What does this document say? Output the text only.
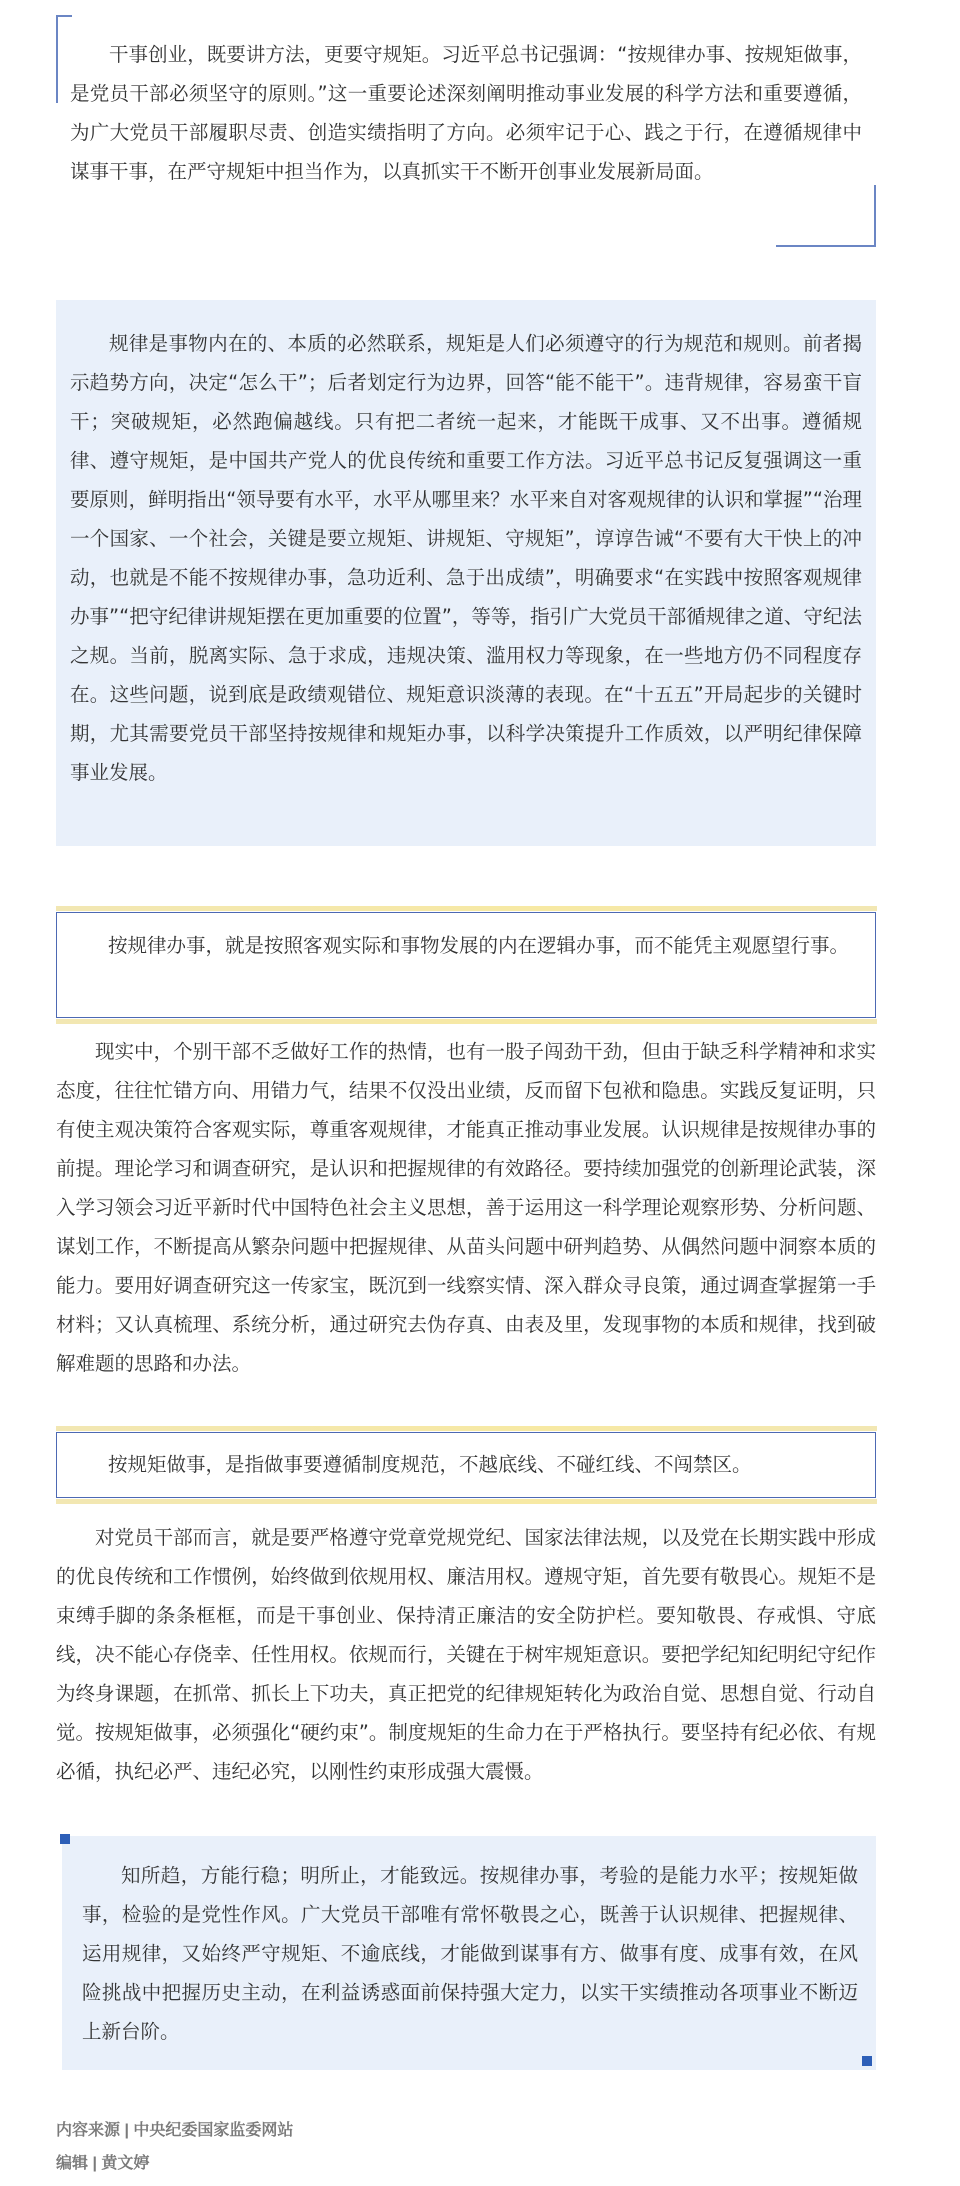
干事创业，既要讲方法，更要守规矩。习近平总书记强调：“按规律办事、按规矩做事，是党员干部必须坚守的原则。”这一重要论述深刻阐明推动事业发展的科学方法和重要遵循，为广大党员干部履职尽责、创造实绩指明了方向。必须牢记于心、践之于行，在遵循规律中谋事干事，在严守规矩中担当作为，以真抓实干不断开创事业发展新局面。

规律是事物内在的、本质的必然联系，规矩是人们必须遵守的行为规范和规则。前者揭示趋势方向，决定“怎么干”；后者划定行为边界，回答“能不能干”。违背规律，容易蛮干盲干；突破规矩，必然跑偏越线。只有把二者统一起来，才能既干成事、又不出事。遵循规律、遵守规矩，是中国共产党人的优良传统和重要工作方法。习近平总书记反复强调这一重要原则，鲜明指出“领导要有水平，水平从哪里来？水平来自对客观规律的认识和掌握”“治理一个国家、一个社会，关键是要立规矩、讲规矩、守规矩”，谆谆告诫“不要有大干快上的冲动，也就是不能不按规律办事，急功近利、急于出成绩”，明确要求“在实践中按照客观规律办事”“把守纪律讲规矩摆在更加重要的位置”，等等，指引广大党员干部循规律之道、守纪法之规。当前，脱离实际、急于求成，违规决策、滥用权力等现象，在一些地方仍不同程度存在。这些问题，说到底是政绩观错位、规矩意识淡薄的表现。在“十五五”开局起步的关键时期，尤其需要党员干部坚持按规律和规矩办事，以科学决策提升工作质效，以严明纪律保障事业发展。

按规律办事，就是按照客观实际和事物发展的内在逻辑办事，而不能凭主观愿望行事。

现实中，个别干部不乏做好工作的热情，也有一股子闯劲干劲，但由于缺乏科学精神和求实态度，往往忙错方向、用错力气，结果不仅没出业绩，反而留下包袱和隐患。实践反复证明，只有使主观决策符合客观实际，尊重客观规律，才能真正推动事业发展。认识规律是按规律办事的前提。理论学习和调查研究，是认识和把握规律的有效路径。要持续加强党的创新理论武装，深入学习领会习近平新时代中国特色社会主义思想，善于运用这一科学理论观察形势、分析问题、谋划工作，不断提高从繁杂问题中把握规律、从苗头问题中研判趋势、从偶然问题中洞察本质的能力。要用好调查研究这一传家宝，既沉到一线察实情、深入群众寻良策，通过调查掌握第一手材料；又认真梳理、系统分析，通过研究去伪存真、由表及里，发现事物的本质和规律，找到破解难题的思路和办法。

按规矩做事，是指做事要遵循制度规范，不越底线、不碰红线、不闯禁区。

对党员干部而言，就是要严格遵守党章党规党纪、国家法律法规，以及党在长期实践中形成的优良传统和工作惯例，始终做到依规用权、廉洁用权。遵规守矩，首先要有敬畏心。规矩不是束缚手脚的条条框框，而是干事创业、保持清正廉洁的安全防护栏。要知敬畏、存戒惧、守底线，决不能心存侥幸、任性用权。依规而行，关键在于树牢规矩意识。要把学纪知纪明纪守纪作为终身课题，在抓常、抓长上下功夫，真正把党的纪律规矩转化为政治自觉、思想自觉、行动自觉。按规矩做事，必须强化“硬约束”。制度规矩的生命力在于严格执行。要坚持有纪必依、有规必循，执纪必严、违纪必究，以刚性约束形成强大震慑。

知所趋，方能行稳；明所止，才能致远。按规律办事，考验的是能力水平；按规矩做事，检验的是党性作风。广大党员干部唯有常怀敬畏之心，既善于认识规律、把握规律、运用规律，又始终严守规矩、不逾底线，才能做到谋事有方、做事有度、成事有效，在风险挑战中把握历史主动，在利益诱惑面前保持强大定力，以实干实绩推动各项事业不断迈上新台阶。

内容来源 | 中央纪委国家监委网站
编辑 | 黄文婷
